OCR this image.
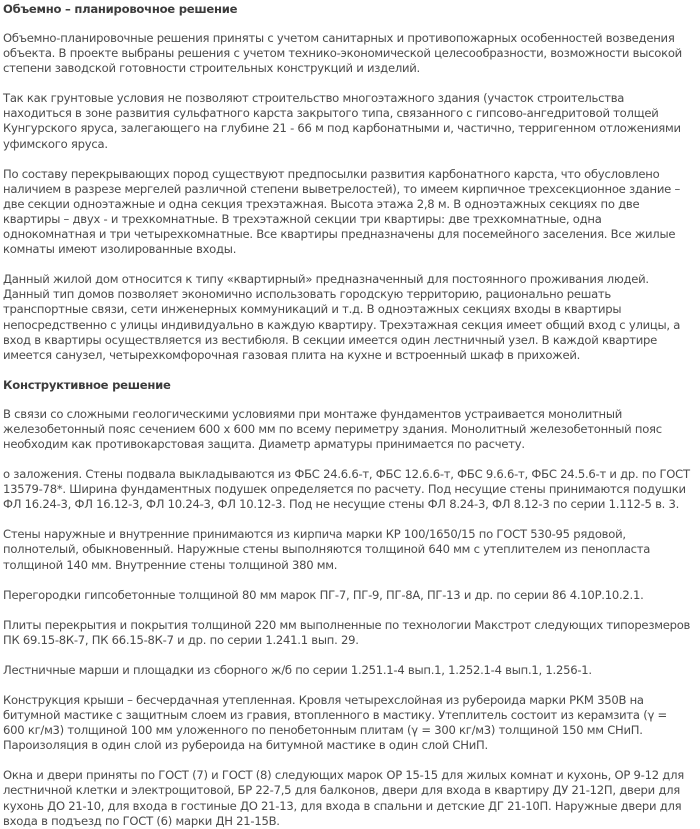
Объемно – планировочное решение
Объемно-планировочные решения приняты с учетом санитарных и противопожарных особенностей возведения объекта. В проекте выбраны решения с учетом технико-экономической целесообразности, возможности высокой степени заводской готовности строительных конструкций и изделий.
Так как грунтовые условия не позволяют строительство многоэтажного здания (участок строительства находиться в зоне развития сульфатного карста закрытого типа, связанного с гипсово-ангедритовой толщей Кунгурского яруса, залегающего на глубине 21 - 66 м под карбонатными и, частично, терригенном отложениями уфимского яруса.
По составу перекрывающих пород существуют предпосылки развития карбонатного карста, что обусловлено наличием в разрезе мергелей различной степени выветрелостей), то имеем кирпичное трехсекционное здание – две секции одноэтажные и одна секция трехэтажная. Высота этажа 2,8 м. В одноэтажных секциях по две квартиры – двух - и трехкомнатные. В трехэтажной секции три квартиры: две трехкомнатные, одна однокомнатная и три четырехкомнатные. Все квартиры предназначены для посемейного заселения. Все жилые комнаты имеют изолированные входы.
Данный жилой дом относится к типу «квартирный» предназначенный для постоянного проживания людей. Данный тип домов позволяет экономично использовать городскую территорию, рационально решать транспортные связи, сети инженерных коммуникаций и т.д. В одноэтажных секциях входы в квартиры непосредственно с улицы индивидуально в каждую квартиру. Трехэтажная секция имеет общий вход с улицы, а вход в квартиры осуществляется из вестибюля. В секции имеется один лестничный узел. В каждой квартире имеется санузел, четырехкомфорочная газовая плита на кухне и встроенный шкаф в прихожей.
Конструктивное решение
В связи со сложными геологическими условиями при монтаже фундаментов устраивается монолитный железобетонный пояс сечением 600 х 600 мм по всему периметру здания. Монолитный железобетонный пояс необходим как противокарстовая защита. Диаметр арматуры принимается по расчету.
о заложения. Стены подвала выкладываются из ФБС 24.6.6-т, ФБС 12.6.6-т, ФБС 9.6.6-т, ФБС 24.5.6-т и др. по ГОСТ 13579-78*. Ширина фундаментных подушек определяется по расчету. Под несущие стены принимаются подушки ФЛ 16.24-3, ФЛ 16.12-3, ФЛ 10.24-3, ФЛ 10.12-3. Под не несущие стены ФЛ 8.24-3, ФЛ 8.12-3 по серии 1.112-5 в. 3.
Стены наружные и внутренние принимаются из кирпича марки КР 100/1650/15 по ГОСТ 530-95 рядовой, полнотелый, обыкновенный. Наружные стены выполняются толщиной 640 мм с утеплителем из пенопласта толщиной 140 мм. Внутренние стены толщиной 380 мм.
Перегородки гипсобетонные толщиной 80 мм марок ПГ-7, ПГ-9, ПГ-8А, ПГ-13 и др. по серии 86 4.10Р.10.2.1.
Плиты перекрытия и покрытия толщиной 220 мм выполненные по технологии Макстрот следующих типорезмеров ПК 69.15-8К-7, ПК 66.15-8К-7 и др. по серии 1.241.1 вып. 29.
Лестничные марши и площадки из сборного ж/б по серии 1.251.1-4 вып.1, 1.252.1-4 вып.1, 1.256-1.
Конструкция крыши – бесчердачная утепленная. Кровля четырехслойная из рубероида марки РКМ 350В на битумной мастике с защитным слоем из гравия, втопленного в мастику. Утеплитель состоит из керамзита (γ = 600 кг/м3) толщиной 100 мм уложенного по пенобетонным плитам (γ = 300 кг/м3) толщиной 150 мм СНиП.
Пароизоляция в один слой из рубероида на битумной мастике в один слой СНиП.
Окна и двери приняты по ГОСТ (7) и ГОСТ (8) следующих марок ОР 15-15 для жилых комнат и кухонь, ОР 9-12 для лестничной клетки и электрощитовой, БР 22-7,5 для балконов, двери для входа в квартиру ДУ 21-12П, двери для кухонь ДО 21-10, для входа в гостиные ДО 21-13, для входа в спальни и детские ДГ 21-10П. Наружные двери для входа в подъезд по ГОСТ (6) марки ДН 21-15В.
